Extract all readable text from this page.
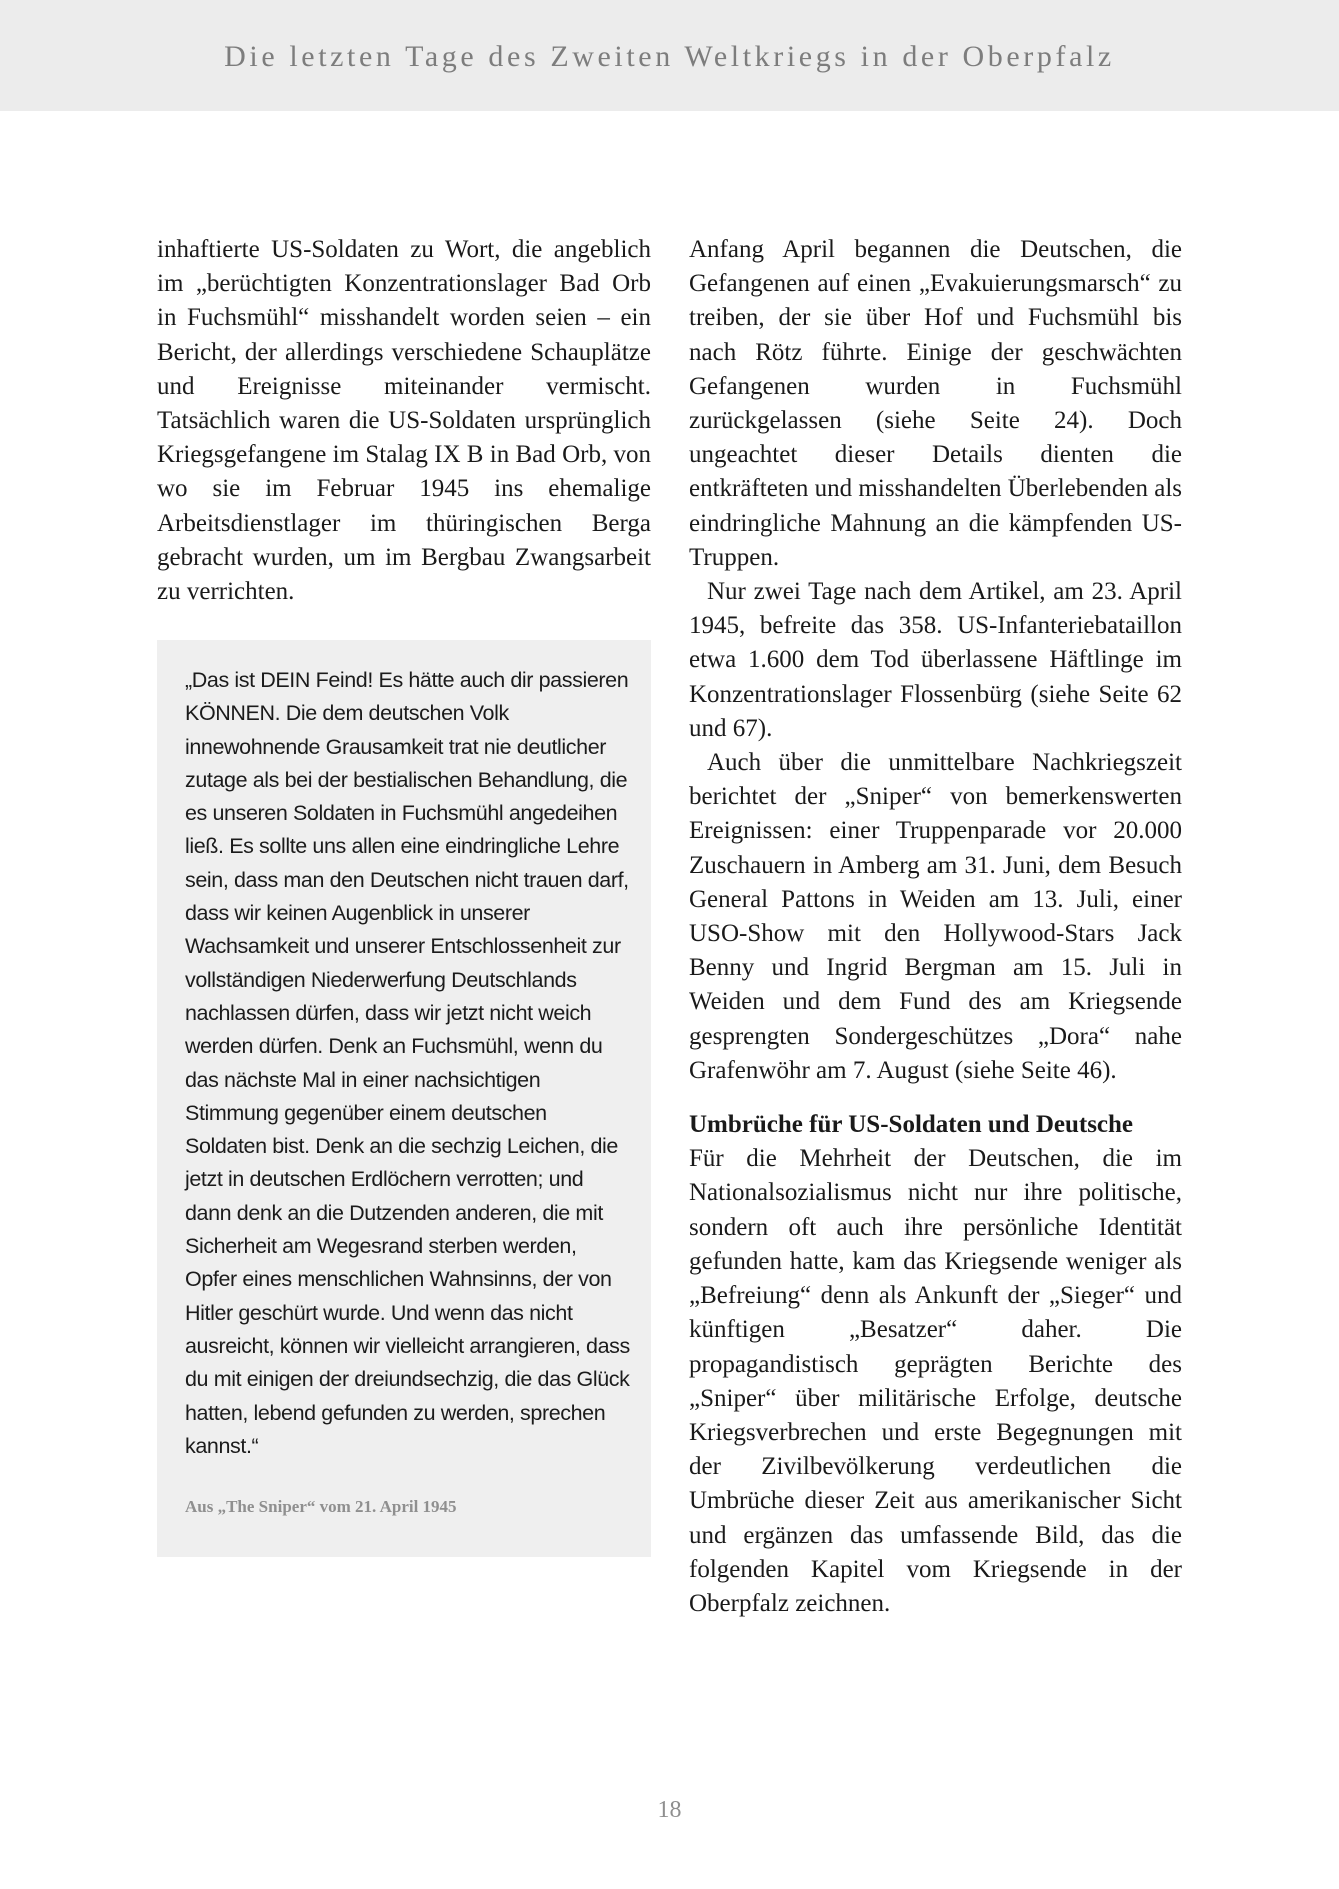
Die letzten Tage des Zweiten Weltkriegs in der Oberpfalz

inhaftierte US-Soldaten zu Wort, die angeblich im „berüchtigten Konzentrationslager Bad Orb in Fuchsmühl“ misshandelt worden seien – ein Bericht, der allerdings verschiedene Schauplätze und Ereignisse miteinander vermischt. Tatsächlich waren die US-Soldaten ursprünglich Kriegsgefangene im Stalag IX B in Bad Orb, von wo sie im Februar 1945 ins ehemalige Arbeitsdienstlager im thüringischen Berga gebracht wurden, um im Bergbau Zwangsarbeit zu verrichten.

„Das ist DEIN Feind! Es hätte auch dir passieren KÖNNEN. Die dem deutschen Volk innewohnende Grausamkeit trat nie deutlicher zutage als bei der bestialischen Behandlung, die es unseren Soldaten in Fuchsmühl angedeihen ließ. Es sollte uns allen eine eindringliche Lehre sein, dass man den Deutschen nicht trauen darf, dass wir keinen Augenblick in unserer Wachsamkeit und unserer Entschlossenheit zur vollständigen Niederwerfung Deutschlands nachlassen dürfen, dass wir jetzt nicht weich werden dürfen. Denk an Fuchsmühl, wenn du das nächste Mal in einer nachsichtigen Stimmung gegenüber einem deutschen Soldaten bist. Denk an die sechzig Leichen, die jetzt in deutschen Erdlöchern verrotten; und dann denk an die Dutzenden anderen, die mit Sicherheit am Wegesrand sterben werden, Opfer eines menschlichen Wahnsinns, der von Hitler geschürt wurde. Und wenn das nicht ausreicht, können wir vielleicht arrangieren, dass du mit einigen der dreiundsechzig, die das Glück hatten, lebend gefunden zu werden, sprechen kannst.“
Aus „The Sniper“ vom 21. April 1945

Anfang April begannen die Deutschen, die Gefangenen auf einen „Evakuierungsmarsch“ zu treiben, der sie über Hof und Fuchsmühl bis nach Rötz führte. Einige der geschwächten Gefangenen wurden in Fuchsmühl zurückgelassen (siehe Seite 24). Doch ungeachtet dieser Details dienten die entkräfteten und misshandelten Überlebenden als eindringliche Mahnung an die kämpfenden US-Truppen.

Nur zwei Tage nach dem Artikel, am 23. April 1945, befreite das 358. US-Infanteriebataillon etwa 1.600 dem Tod überlassene Häftlinge im Konzentrationslager Flossenbürg (siehe Seite 62 und 67).

Auch über die unmittelbare Nachkriegszeit berichtet der „Sniper“ von bemerkenswerten Ereignissen: einer Truppenparade vor 20.000 Zuschauern in Amberg am 31. Juni, dem Besuch General Pattons in Weiden am 13. Juli, einer USO-Show mit den Hollywood-Stars Jack Benny und Ingrid Bergman am 15. Juli in Weiden und dem Fund des am Kriegsende gesprengten Sondergeschützes „Dora“ nahe Grafenwöhr am 7. August (siehe Seite 46).

Umbrüche für US-Soldaten und Deutsche

Für die Mehrheit der Deutschen, die im Nationalsozialismus nicht nur ihre politische, sondern oft auch ihre persönliche Identität gefunden hatte, kam das Kriegsende weniger als „Befreiung“ denn als Ankunft der „Sieger“ und künftigen „Besatzer“ daher. Die propagandistisch geprägten Berichte des „Sniper“ über militärische Erfolge, deutsche Kriegsverbrechen und erste Begegnungen mit der Zivilbevölkerung verdeutlichen die Umbrüche dieser Zeit aus amerikanischer Sicht und ergänzen das umfassende Bild, das die folgenden Kapitel vom Kriegsende in der Oberpfalz zeichnen.

18
